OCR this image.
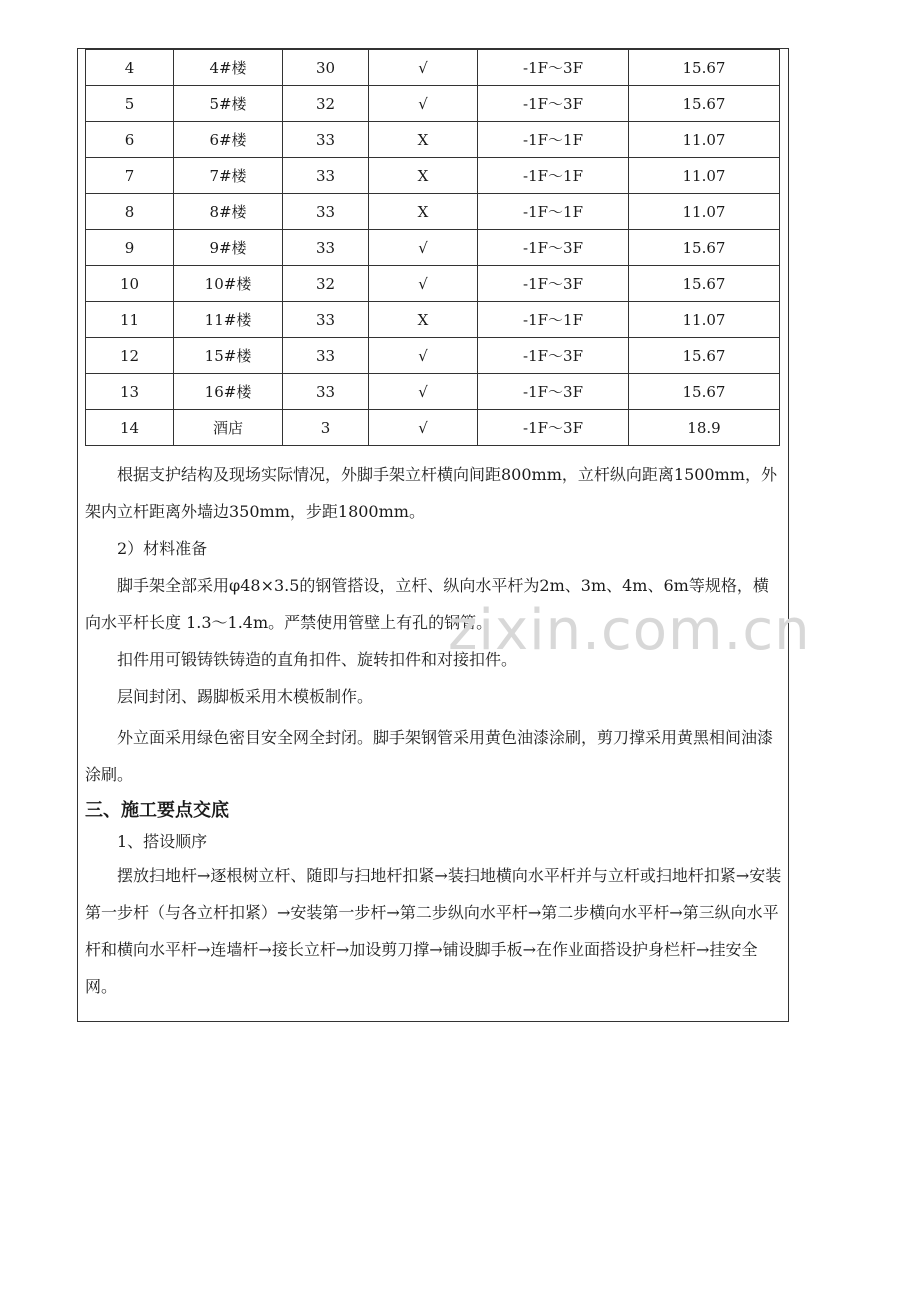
4	4#楼	30	√	-1F～3F	15.67
5	5#楼	32	√	-1F～3F	15.67
6	6#楼	33	X	-1F～1F	11.07
7	7#楼	33	X	-1F～1F	11.07
8	8#楼	33	X	-1F～1F	11.07
9	9#楼	33	√	-1F～3F	15.67
10	10#楼	32	√	-1F～3F	15.67
11	11#楼	33	X	-1F～1F	11.07
12	15#楼	33	√	-1F～3F	15.67
13	16#楼	33	√	-1F～3F	15.67
14	酒店	3	√	-1F～3F	18.9

根据支护结构及现场实际情况，外脚手架立杆横向间距800mm，立杆纵向距离1500mm，外架内立杆距离外墙边350mm，步距1800mm。

2）材料准备

脚手架全部采用φ48×3.5的钢管搭设，立杆、纵向水平杆为2m、3m、4m、6m等规格，横向水平杆长度 1.3～1.4m。严禁使用管壁上有孔的钢管。

扣件用可锻铸铁铸造的直角扣件、旋转扣件和对接扣件。

层间封闭、踢脚板采用木模板制作。

外立面采用绿色密目安全网全封闭。脚手架钢管采用黄色油漆涂刷，剪刀撑采用黄黑相间油漆涂刷。

三、施工要点交底

1、搭设顺序

摆放扫地杆→逐根树立杆、随即与扫地杆扣紧→装扫地横向水平杆并与立杆或扫地杆扣紧→安装第一步杆（与各立杆扣紧）→安装第一步杆→第二步纵向水平杆→第二步横向水平杆→第三纵向水平杆和横向水平杆→连墙杆→接长立杆→加设剪刀撑→铺设脚手板→在作业面搭设护身栏杆→挂安全网。

zixin.com.cn
